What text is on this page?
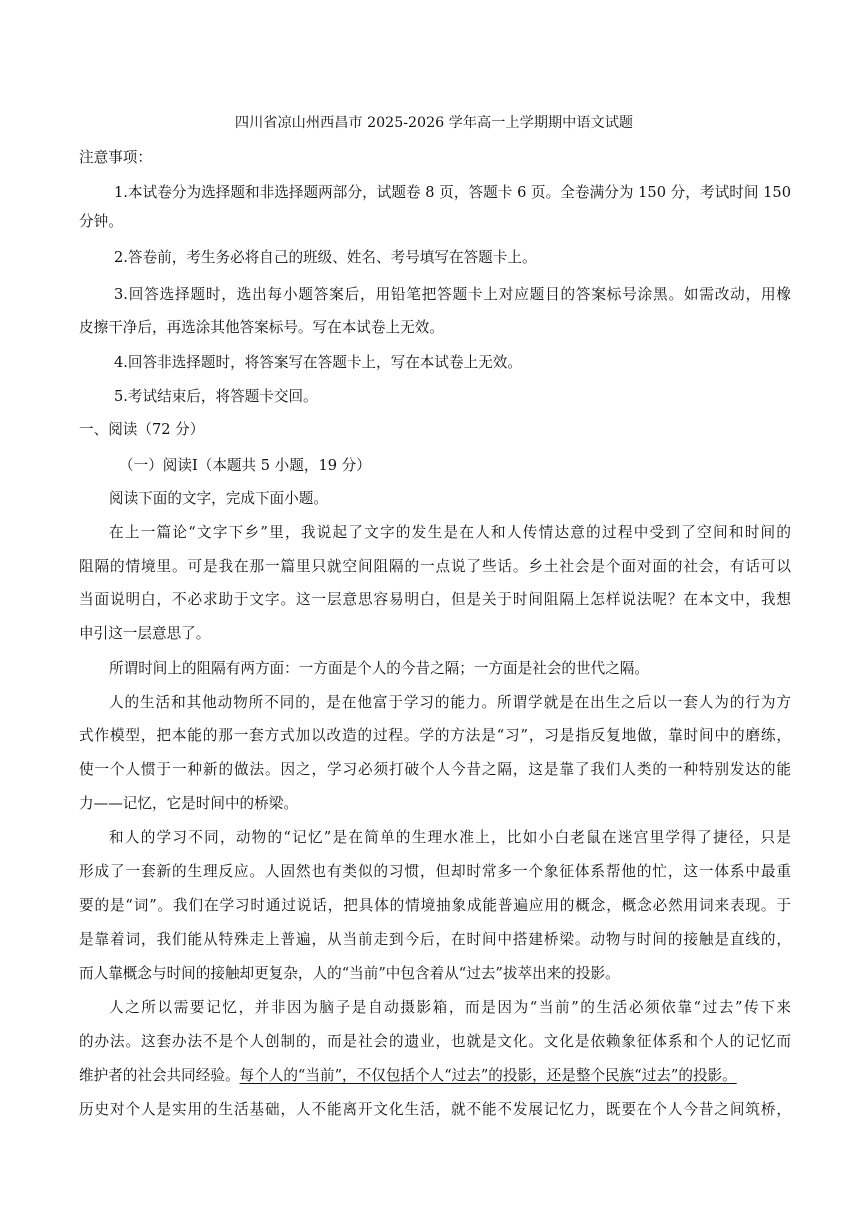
四川省凉山州西昌市 2025-2026 学年高一上学期期中语文试题

注意事项：

1.本试卷分为选择题和非选择题两部分，试题卷 8 页，答题卡 6 页。全卷满分为 150 分，考试时间 150

分钟。

2.答卷前，考生务必将自己的班级、姓名、考号填写在答题卡上。

3.回答选择题时，选出每小题答案后，用铅笔把答题卡上对应题目的答案标号涂黑。如需改动，用橡

皮擦干净后，再选涂其他答案标号。写在本试卷上无效。

4.回答非选择题时，将答案写在答题卡上，写在本试卷上无效。

5.考试结束后，将答题卡交回。

一、阅读（72 分）

（一）阅读Ⅰ（本题共 5 小题，19 分）

阅读下面的文字，完成下面小题。

在上一篇论“文字下乡”里，我说起了文字的发生是在人和人传情达意的过程中受到了空间和时间的

阻隔的情境里。可是我在那一篇里只就空间阻隔的一点说了些话。乡土社会是个面对面的社会，有话可以

当面说明白，不必求助于文字。这一层意思容易明白，但是关于时间阻隔上怎样说法呢？在本文中，我想

申引这一层意思了。

所谓时间上的阻隔有两方面：一方面是个人的今昔之隔；一方面是社会的世代之隔。

人的生活和其他动物所不同的，是在他富于学习的能力。所谓学就是在出生之后以一套人为的行为方

式作模型，把本能的那一套方式加以改造的过程。学的方法是“习”，习是指反复地做，靠时间中的磨练，

使一个人惯于一种新的做法。因之，学习必须打破个人今昔之隔，这是靠了我们人类的一种特别发达的能

力——记忆，它是时间中的桥梁。

和人的学习不同，动物的“记忆”是在简单的生理水准上，比如小白老鼠在迷宫里学得了捷径，只是

形成了一套新的生理反应。人固然也有类似的习惯，但却时常多一个象征体系帮他的忙，这一体系中最重

要的是“词”。我们在学习时通过说话，把具体的情境抽象成能普遍应用的概念，概念必然用词来表现。于

是靠着词，我们能从特殊走上普遍，从当前走到今后，在时间中搭建桥梁。动物与时间的接触是直线的，

而人靠概念与时间的接触却更复杂，人的“当前”中包含着从“过去”拔萃出来的投影。

人之所以需要记忆，并非因为脑子是自动摄影箱，而是因为“当前”的生活必须依靠“过去”传下来

的办法。这套办法不是个人创制的，而是社会的遗业，也就是文化。文化是依赖象征体系和个人的记忆而

维护者的社会共同经验。每个人的“当前”，不仅包括个人“过去”的投影，还是整个民族“过去”的投影。

历史对个人是实用的生活基础，人不能离开文化生活，就不能不发展记忆力，既要在个人今昔之间筑桥，
